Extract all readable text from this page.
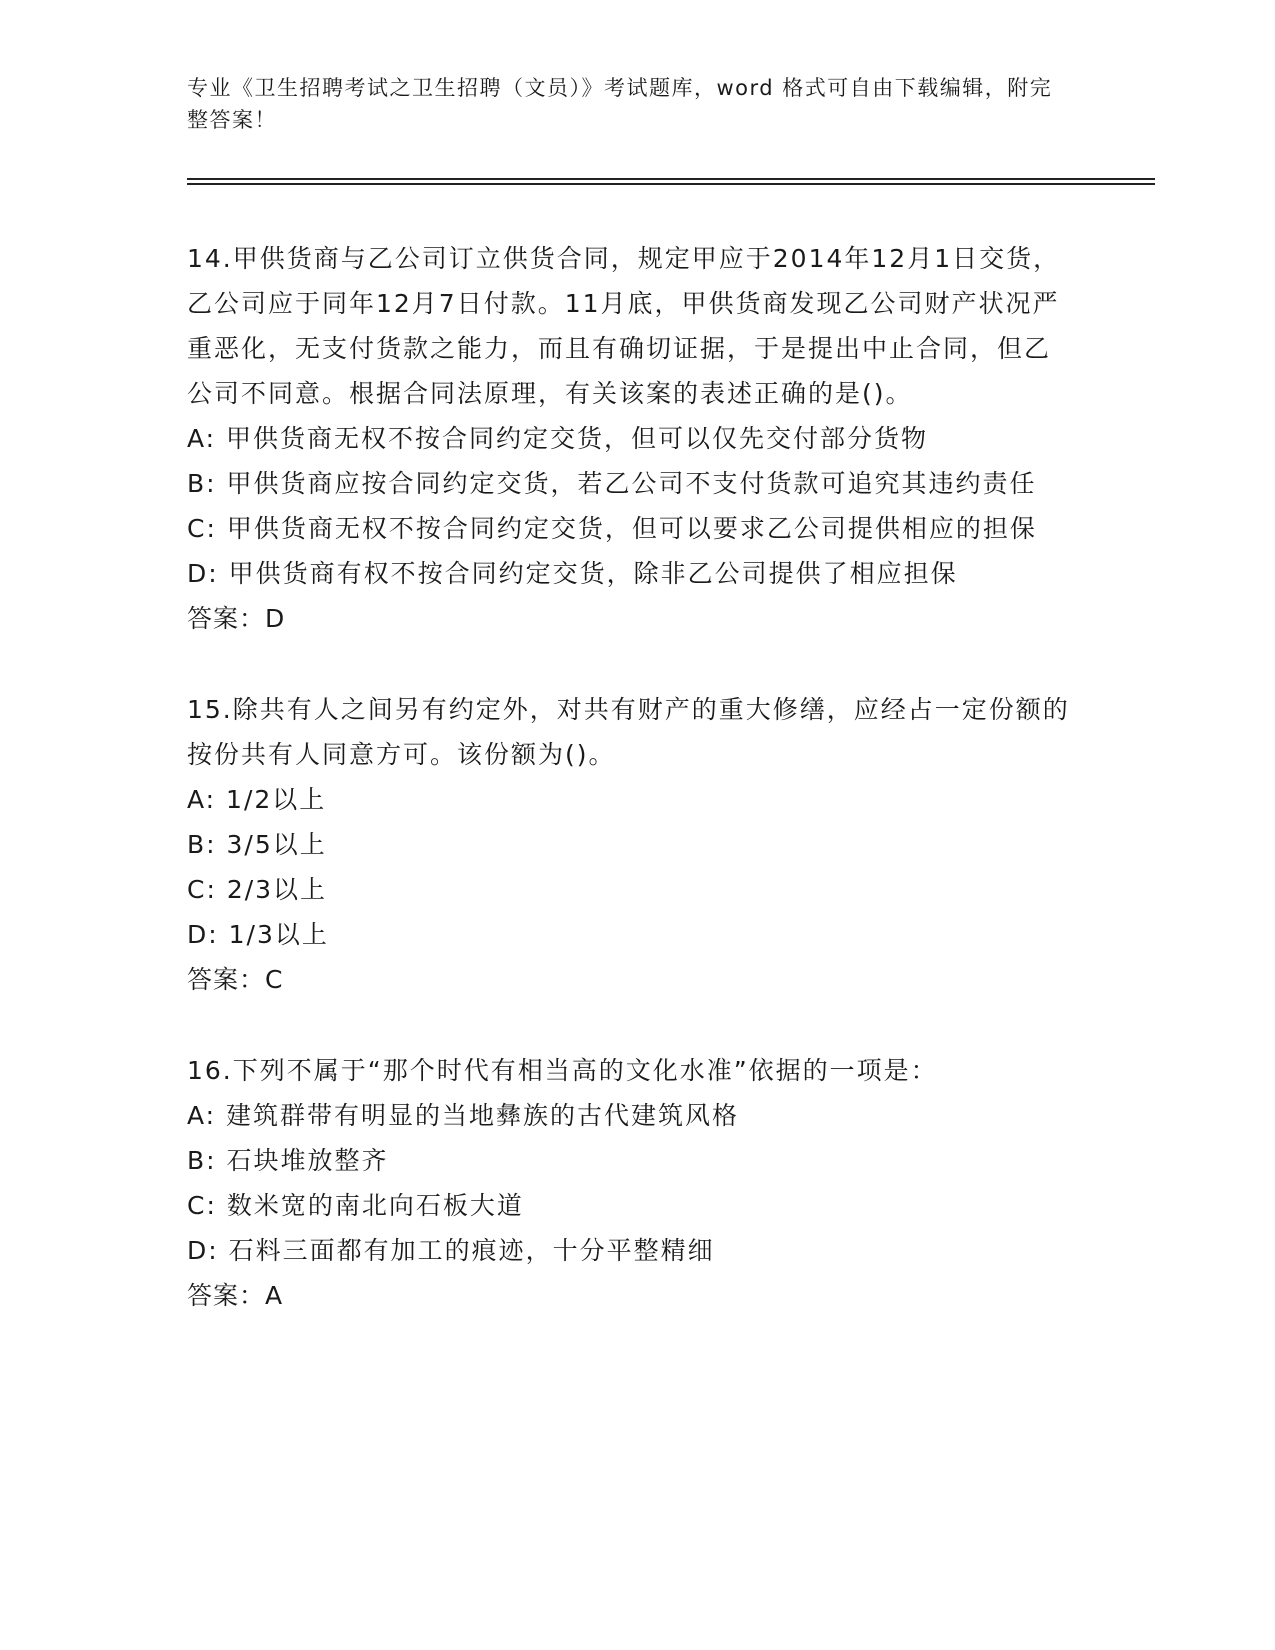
专业《卫生招聘考试之卫生招聘（文员）》考试题库，word 格式可自由下载编辑，附完整答案！

14.甲供货商与乙公司订立供货合同，规定甲应于2014年12月1日交货，乙公司应于同年12月7日付款。11月底，甲供货商发现乙公司财产状况严重恶化，无支付货款之能力，而且有确切证据，于是提出中止合同，但乙公司不同意。根据合同法原理，有关该案的表述正确的是()。

A: 甲供货商无权不按合同约定交货，但可以仅先交付部分货物

B: 甲供货商应按合同约定交货，若乙公司不支付货款可追究其违约责任

C: 甲供货商无权不按合同约定交货，但可以要求乙公司提供相应的担保

D: 甲供货商有权不按合同约定交货，除非乙公司提供了相应担保

答案：D

15.除共有人之间另有约定外，对共有财产的重大修缮，应经占一定份额的按份共有人同意方可。该份额为()。

A: 1/2以上

B: 3/5以上

C: 2/3以上

D: 1/3以上

答案：C

16.下列不属于“那个时代有相当高的文化水准”依据的一项是：

A: 建筑群带有明显的当地彝族的古代建筑风格

B: 石块堆放整齐

C: 数米宽的南北向石板大道

D: 石料三面都有加工的痕迹，十分平整精细

答案：A
